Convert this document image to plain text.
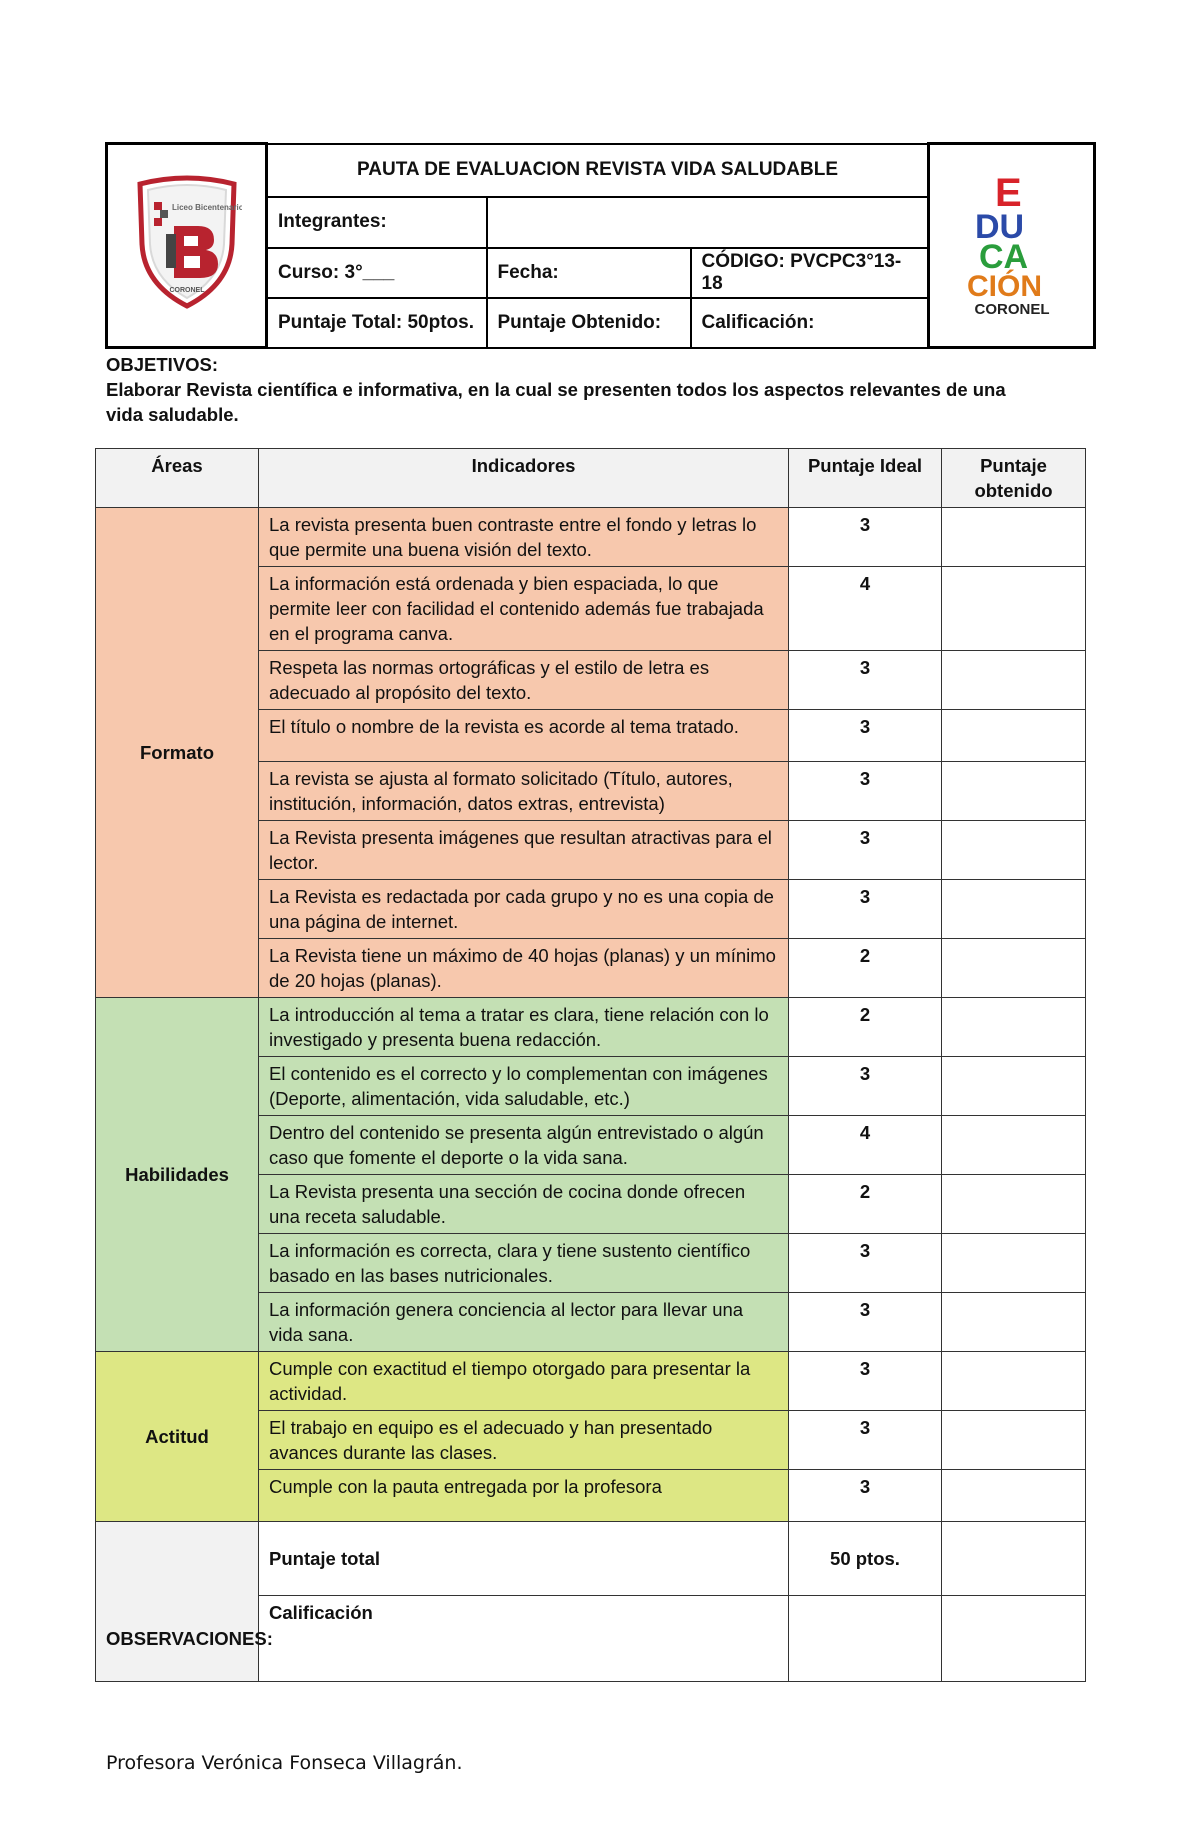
Liceo Bicentenario
CORONEL	PAUTA DE EVALUACION REVISTA VIDA SALUDABLE			E
DU
CA
CIÓN
CORONEL

	Integrantes:			
	Curso: 3°___	Fecha:	CÓDIGO: PVCPC3°13-18	
	Puntaje Total: 50ptos.	Puntaje Obtenido:	Calificación:	
OBJETIVOS:
Elaborar Revista científica e informativa, en la cual se presenten todos los aspectos relevantes de una vida saludable.
Áreas	Indicadores	Puntaje Ideal	Puntaje obtenido
Formato	La revista presenta buen contraste entre el fondo y letras lo que permite una buena visión del texto.	3	
	La información está ordenada y bien espaciada, lo que permite leer con facilidad el contenido además fue trabajada en el programa canva.	4	
	Respeta las normas ortográficas y el estilo de letra es adecuado al propósito del texto.	3	
	El título o nombre de la revista es acorde al tema tratado.	3	
	La revista se ajusta al formato solicitado (Título, autores, institución, información, datos extras, entrevista)	3	
	La Revista presenta imágenes que resultan atractivas para el lector.	3	
	La Revista es redactada por cada grupo y no es una copia de una página de internet.	3	
	La Revista tiene un máximo de 40 hojas (planas) y un mínimo de 20 hojas (planas).	2	
Habilidades	La introducción al tema a tratar es clara, tiene relación con lo investigado y presenta buena redacción.	2	
	El contenido es el correcto y lo complementan con imágenes (Deporte, alimentación, vida saludable, etc.)	3	
	Dentro del contenido se presenta algún entrevistado o algún caso que fomente el deporte o la vida sana.	4	
	La Revista presenta una sección de cocina donde ofrecen una receta saludable.	2	
	La información es correcta, clara y tiene sustento científico basado en las bases nutricionales.	3	
	La información genera conciencia al lector para llevar una vida sana.	3	
Actitud	Cumple con exactitud el tiempo otorgado para presentar la actividad.	3	
	El trabajo en equipo es el adecuado y han presentado avances durante las clases.	3	
	Cumple con la pauta entregada por la profesora	3	
	Puntaje total	50 ptos.	
	Calificación		
OBSERVACIONES:
Profesora Verónica Fonseca Villagrán.
